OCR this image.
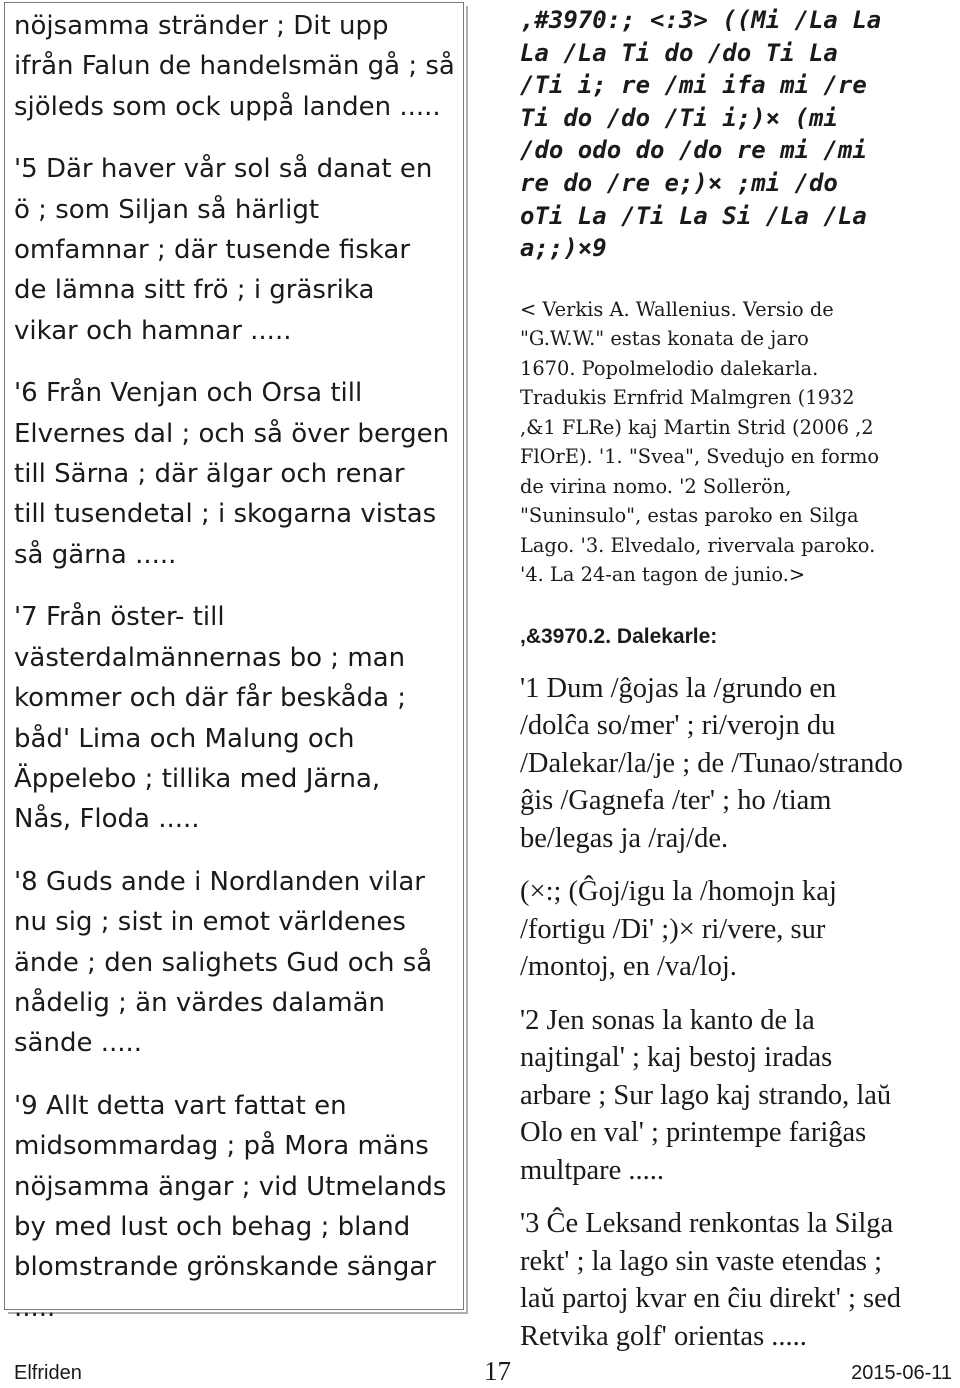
nöjsamma stränder ; Dit upp
ifrån Falun de handelsmän gå ; så
sjöleds som ock uppå landen .....

'5 Där haver vår sol så danat en
ö ; som Siljan så härligt
omfamnar ; där tusende fiskar
de lämna sitt frö ; i gräsrika
vikar och hamnar .....

'6 Från Venjan och Orsa till
Elvernes dal ; och så över bergen
till Särna ; där älgar och renar
till tusendetal ; i skogarna vistas
så gärna .....

'7 Från öster- till
västerdalmännernas bo ; man
kommer och där får beskåda ;
båd' Lima och Malung och
Äppelebo ; tillika med Järna,
Nås, Floda .....

'8 Guds ande i Nordlanden vilar
nu sig ; sist in emot världenes
ände ; den salighets Gud och så
nådelig ; än värdes dalamän
sände .....

'9 Allt detta vart fattat en
midsommardag ; på Mora mäns
nöjsamma ängar ; vid Utmelands
by med lust och behag ; bland
blomstrande grönskande sängar
.....

,#3970:; <:3> ((Mi /La La
La /La Ti do /do Ti La
/Ti i; re /mi ifa mi /re
Ti do /do /Ti i;)× (mi
/do odo do /do re mi /mi
re do /re e;)× ;mi /do
oTi La /Ti La Si /La /La
a;;)×9

< Verkis A. Wallenius. Versio de
"G.W.W." estas konata de jaro
1670. Popolmelodio dalekarla.
Tradukis Ernfrid Malmgren (1932
,&1 FLRe) kaj Martin Strid (2006 ,2
FlOrE). '1. "Svea", Svedujo en formo
de virina nomo. '2 Sollerön,
"Suninsulo", estas paroko en Silga
Lago. '3. Elvedalo, rivervala paroko.
'4. La 24-an tagon de junio.>

,&3970.2. Dalekarle:

'1 Dum /ĝojas la /grundo en
/dolĉa so/mer' ; ri/verojn du
/Dalekar/la/je ; de /Tunao/strando
ĝis /Gagnefa /ter' ; ho /tiam
be/legas ja /raj/de.

(×:; (Ĝoj/igu la /homojn kaj
/fortigu /Di' ;)× ri/vere, sur
/montoj, en /va/loj.

'2 Jen sonas la kanto de la
najtingal' ; kaj bestoj iradas
arbare ; Sur lago kaj strando, laŭ
Olo en val' ; printempe fariĝas
multpare .....

'3 Ĉe Leksand renkontas la Silga
rekt' ; la lago sin vaste etendas ;
laŭ partoj kvar en ĉiu direkt' ; sed
Retvika golf' orientas .....

Elfriden	17	2015-06-11
